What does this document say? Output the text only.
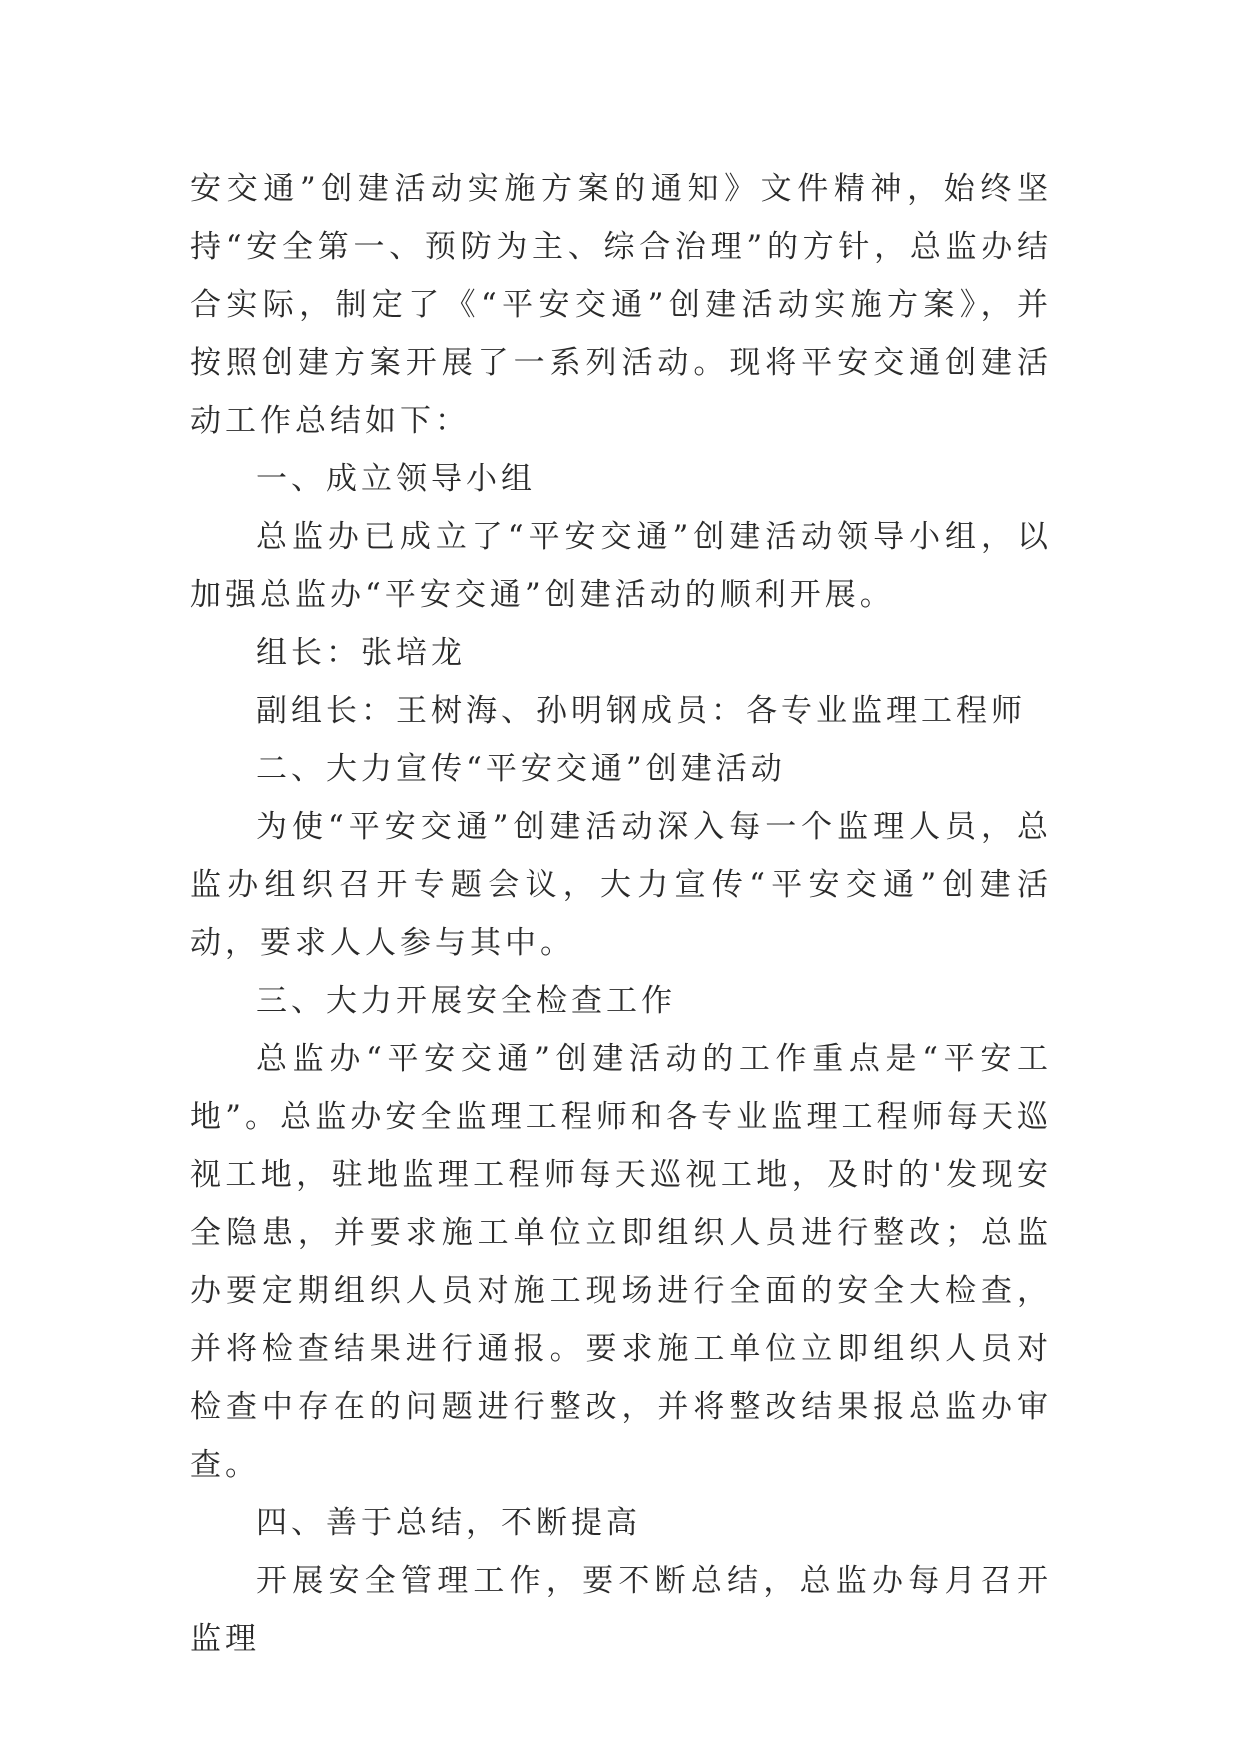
安交通”创建活动实施方案的通知》文件精神，始终坚持“安全第一、预防为主、综合治理”的方针，总监办结合实际，制定了《“平安交通”创建活动实施方案》，并按照创建方案开展了一系列活动。现将平安交通创建活动工作总结如下：

一、成立领导小组

总监办已成立了“平安交通”创建活动领导小组，以加强总监办“平安交通”创建活动的顺利开展。

组长：张培龙

副组长：王树海、孙明钢成员：各专业监理工程师

二、大力宣传“平安交通”创建活动

为使“平安交通”创建活动深入每一个监理人员，总监办组织召开专题会议，大力宣传“平安交通”创建活动，要求人人参与其中。

三、大力开展安全检查工作

总监办“平安交通”创建活动的工作重点是“平安工地”。总监办安全监理工程师和各专业监理工程师每天巡视工地，驻地监理工程师每天巡视工地，及时的'发现安全隐患，并要求施工单位立即组织人员进行整改；总监办要定期组织人员对施工现场进行全面的安全大检查，并将检查结果进行通报。要求施工单位立即组织人员对检查中存在的问题进行整改，并将整改结果报总监办审查。

四、善于总结，不断提高

开展安全管理工作，要不断总结，总监办每月召开监理
